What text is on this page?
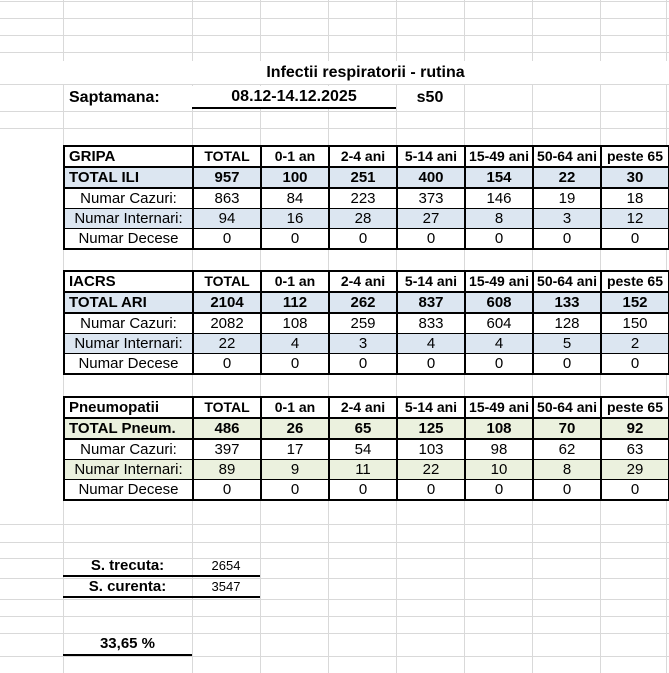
Infectii respiratorii - rutina
Saptamana:	08.12-14.12.2025	s50
GRIPA	TOTAL	0-1 an	2-4 ani	5-14 ani	15-49 ani	50-64 ani	peste 65
TOTAL ILI	957	100	251	400	154	22	30
Numar Cazuri:	863	84	223	373	146	19	18
Numar Internari:	94	16	28	27	8	3	12
Numar Decese	0	0	0	0	0	0	0
IACRS	TOTAL	0-1 an	2-4 ani	5-14 ani	15-49 ani	50-64 ani	peste 65
TOTAL ARI	2104	112	262	837	608	133	152
Numar Cazuri:	2082	108	259	833	604	128	150
Numar Internari:	22	4	3	4	4	5	2
Numar Decese	0	0	0	0	0	0	0
Pneumopatii	TOTAL	0-1 an	2-4 ani	5-14 ani	15-49 ani	50-64 ani	peste 65
TOTAL Pneum.	486	26	65	125	108	70	92
Numar Cazuri:	397	17	54	103	98	62	63
Numar Internari:	89	9	11	22	10	8	29
Numar Decese	0	0	0	0	0	0	0
S. trecuta:	2654
S. curenta:	3547
33,65 %
